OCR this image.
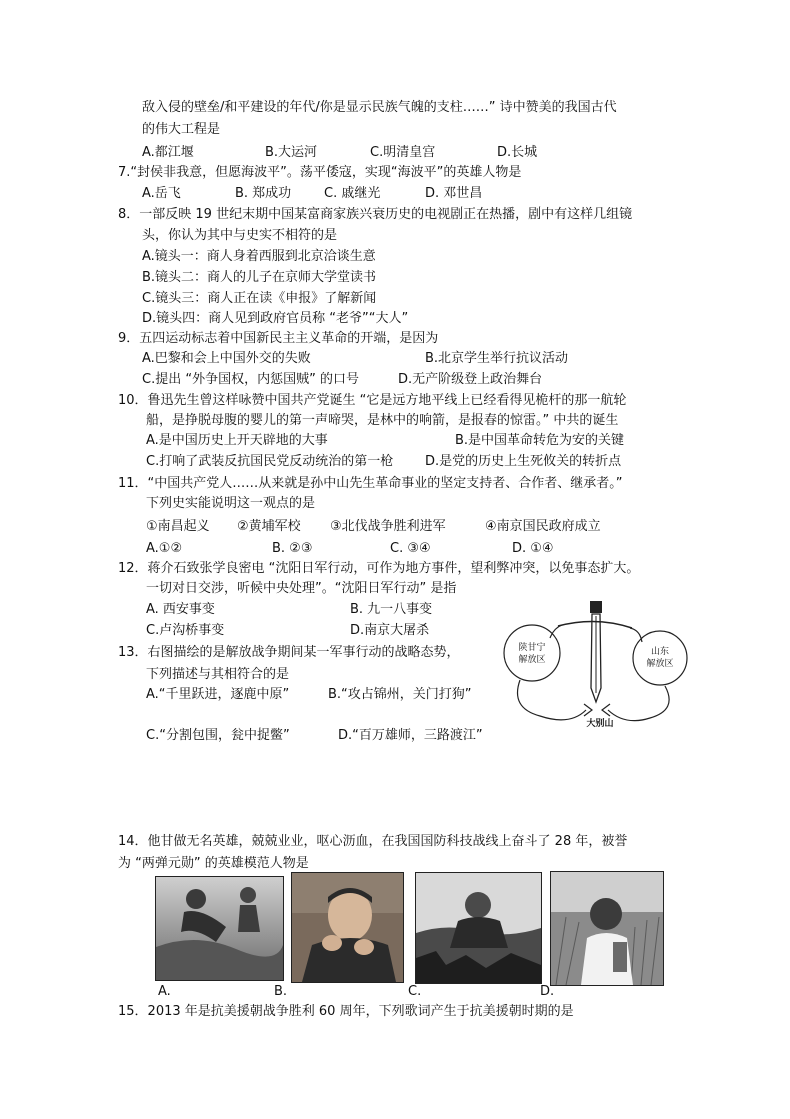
敌入侵的壁垒/和平建设的年代/你是显示民族气魄的支柱……” 诗中赞美的我国古代
的伟大工程是
A.都江堰	B.大运河	C.明清皇宫	D.长城
7.“封侯非我意，但愿海波平”。荡平倭寇，实现“海波平”的英雄人物是
A.岳飞	B. 郑成功	C. 戚继光	D. 邓世昌
8．一部反映 19 世纪末期中国某富商家族兴衰历史的电视剧正在热播，剧中有这样几组镜
头，你认为其中与史实不相符的是
A.镜头一：商人身着西服到北京洽谈生意
B.镜头二：商人的儿子在京师大学堂读书
C.镜头三：商人正在读《申报》了解新闻
D.镜头四：商人见到政府官员称 “老爷”“大人”
9．五四运动标志着中国新民主主义革命的开端，是因为
A.巴黎和会上中国外交的失败	B.北京学生举行抗议活动
C.提出 “外争国权，内惩国贼” 的口号	D.无产阶级登上政治舞台
10．鲁迅先生曾这样咏赞中国共产党诞生 “它是远方地平线上已经看得见桅杆的那一航轮
船，是挣脱母腹的婴儿的第一声啼哭，是林中的响箭，是报春的惊雷。” 中共的诞生
A.是中国历史上开天辟地的大事	B.是中国革命转危为安的关键
C.打响了武装反抗国民党反动统治的第一枪 D.是党的历史上生死攸关的转折点
11．“中国共产党人……从来就是孙中山先生革命事业的坚定支持者、合作者、继承者。”
下列史实能说明这一观点的是
①南昌起义 ②黄埔军校 ③北伐战争胜利进军	④南京国民政府成立
A.①②	B. ②③	C. ③④	D. ①④
12．蒋介石致张学良密电 “沈阳日军行动，可作为地方事件，望利弊冲突，以免事态扩大。
一切对日交涉，听候中央处理”。“沈阳日军行动” 是指
A. 西安事变	B. 九一八事变
C.卢沟桥事变	D.南京大屠杀
13．右图描绘的是解放战争期间某一军事行动的战略态势，
下列描述与其相符合的是
A.“千里跃进，逐鹿中原”	B.“攻占锦州，关门打狗”
C.“分割包围，瓮中捉鳖”	D.“百万雄师，三路渡江”
陕甘宁
解放区
山东
解放区
大别山
14．他甘做无名英雄，兢兢业业，呕心沥血，在我国国防科技战线上奋斗了 28 年，被誉
为 “两弹元勋” 的英雄模范人物是
A.	B.	C.	D.
15．2013 年是抗美援朝战争胜利 60 周年，下列歌词产生于抗美援朝时期的是
